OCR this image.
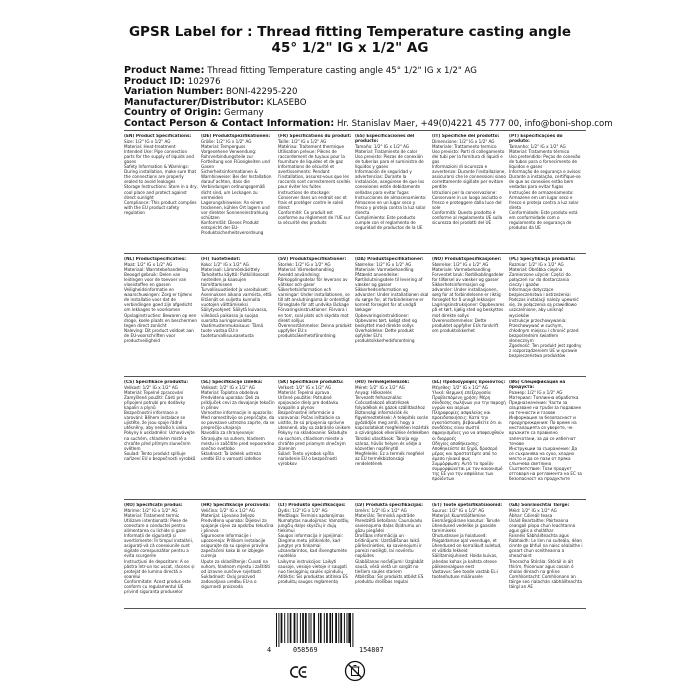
GPSR Label for : Thread fitting Temperature casting angle 45° 1/2" IG x 1/2" AG
Product Name: Thread fitting Temperature casting angle 45° 1/2" IG x 1/2" AG
Product ID: 102976
Variation Number: BONI-42295-220
Manufacturer/Distributor: KLASEBO
Country of Origin: Germany
Contact Person & Contact Information: Hr. Stanislav Maer, +49(0)4221 45 777 00, info@boni-shop.com
(EN) Product Specifications:
Size: 1/2" IG x 1/2" AG
Material: Heat-treatment
Intended Use: Pipe connection parts for the supply of liquids and gases
Safety Information & Warnings: During installation, make sure that the connections are properly sealed to avoid leakages
Storage Instructions: Store in a dry, cool place and protect against direct sunlight
Compliance: This product complies with the EU product safety regulation
(DE) Produktspezifikationen:
Größe: 1/2" IG x 1/2" AG
Material: Temperguss
Vorgesehene Verwendung: Rohrverbindungsteile zur Fortleitung von Flüssigkeiten und Gasen
Sicherheitsinformationen & Warnhinweise: Bei der Installation darauf achten, dass die Verbindungen ordnungsgemäß dicht sind, um Leckagen zu vermeiden
Lagerungshinweise: An einem trockenen, kühlen Ort lagern und vor direkter Sonneneinstrahlung schützen
Konformität: Dieses Produkt entspricht der EU-Produktsicherheitsverordnung
(FR) Spécifications du produit:
Taille: 1/2" IG x 1/2" AG
Matériau: Traitement thermique
Utilisation prévue: Pièces de raccordement de tuyaux pour la fourniture de liquides et de gaz
Informations de sécurité et avertissements: Pendant l'installation, assurez-vous que les raccords sont correctement scellés pour éviter les fuites
Instructions de stockage: Conserver dans un endroit sec et frais et protéger contre le soleil direct
Conformité: Ce produit est conforme au règlement de l'UE sur la sécurité des produits
(ES) Especificaciones del producto:
Tamaño: 1/2" IG x 1/2" AG
Material: Tratamiento de calor
Uso previsto: Piezas de conexión de tuberías para el suministro de líquidos y gases
Información de seguridad y advertencias: Durante la instalación, asegúrese de que las conexiones estén debidamente selladas para evitar fugas
Instrucciones de almacenamiento: Almacene en un lugar seco y fresco y proteja contra la luz solar directa
Cumplimiento: Este producto cumple con el reglamento de seguridad de productos de la UE
(IT) Specifiche del prodotto:
Dimensione: 1/2" IG x 1/2" AG
Materiale: Trattamento termico
Uso previsto: Parti di collegamento dei tubi per la fornitura di liquidi e gas
Informazioni di sicurezza e avvertenze: Durante l'installazione, assicurarsi che le connessioni siano correttamente sigillate per evitare perdite
Istruzioni per la conservazione: Conservare in un luogo asciutto e fresco e proteggere dalla luce del sole
Conformità: Questo prodotto è conforme al regolamento UE sulla sicurezza dei prodotti del UE
(PT) Especificações do produto:
Tamanho: 1/2" IG x 1/2" AG
Material: Tratamento térmico
Uso pretendido: Peças de conexão de tubos para o fornecimento de líquidos e gases
Informação de segurança e avisos: Durante a instalação, certifique-se de que as conexões estão bem vedadas para evitar fugas
Instruções de armazenamento: Armazene em um lugar seco e fresco e proteja contra a luz solar direta
Conformidade: Este produto está em conformidade com o regulamento de segurança de produtos da UE
(NL) Productspecificaties:
Maat: 1/2" IG x 1/2" AG
Materiaal: Warmtebehandeling
Beoogd gebruik: Delen van leidingen voor de toevoer van vloeistoffen en gassen
Veiligheidsinformatie en waarschuwingen: Zorg er tijdens de installatie voor dat de verbindingen goed zijn afgedicht om lekkages te voorkomen
Opslaginstructies: Bewaren op een droge, koele plaats en beschermen tegen direct zonlicht
Naleving: Dit product voldoet aan de EU-voorschriften voor productveiligheid
(FI) Tuotetiedot:
Koko: 1/2" IG x 1/2" AG
Materiaali: Lämmönkäsittely
Tarkoitettu käyttö: Putkiliitososat nesteiden ja kaasujen toimittamiseen
Turvallisuustiedot ja varoitukset: Asennuksen aikana varmista, että liitännät on suljettu kunnolla vuotojen välttämiseksi
Säilytysohjeet: Säilytä kuivassa, viileässä paikassa ja suojaa suoralta auringonvalolta
Vaatimustenmukaisuus: Tämä tuote vastaa EU:n tuoteturvallisuusasetusta
(SV) Produktspecifikationer:
Storlek: 1/2" IG x 1/2" AG
Material: Värmebehandling
Avsedd användning: Rörkopplingsdelar för leverans av vätskor och gaser
Säkerhetsinformation och varningar: Under installationen, se till att anslutningarna är ordentligt förseglade för att undvika läckage
Förvaringsinstruktioner: Förvara i en torr, sval plats och skydda mot direkt solljus
Överensstämmelse: Denna produkt uppfyller EU:s produktsäkerhetsförordning
(DA) Produktspecifikationer:
Størrelse: 1/2" IG x 1/2" AG
Materiale: Varmebehandling
Påtænkt anvendelse: Rørtilslutningsdele til levering af væsker og gasser
Sikkerhedsinformation og advarsler: Under installationen skal du sørge for, at forbindelserne er korrekt forseglet for at undgå lækager
Opbevaringsinstruktioner: Opbevares tørt, køligt sted og beskyttet mod direkte sollys
Overholdelse: Dette produkt opfylder EU's produktsikkerhedsforordning
(NO) Produktspesifikasjoner:
Størrelse: 1/2" IG x 1/2" AG
Materiale: Varmebehandling
Forventet bruk: Rørtilkoblingsdeler for tilførsel av væsker og gasser
Sikkerhetsinformasjon og advarsler: Under installasjonen, sørg for at forbindelsene er riktig forseglet for å unngå lekkasjer
Lagringsinstruksjoner: Oppbevares på et tørt, kjølig sted og beskyttes mot direkte sollys
Overensstemmelse: Dette produktet oppfyller EUs forskrift om produktsikkerhet
(PL) Specyfikacja produktu:
Rozmiar: 1/2" IG x 1/2" AG
Materiał: Obróbka cieplna
Zamierzone użycie: Części do połączeń rur do dostarczania cieczy i gazów
Informacje dotyczące bezpieczeństwa i ostrzeżenia: Podczas instalacji należy upewnić się, że połączenia są prawidłowo uszczelnione, aby uniknąć wycieków
Instrukcje przechowywania: Przechowywać w suchym, chłodnym miejscu i chronić przed bezpośrednim światłem słonecznym
Zgodność: Ten produkt jest zgodny z rozporządzeniem UE w sprawie bezpieczeństwa produktów
(CS) Specifikace produktu:
Velikost: 1/2" IG x 1/2" AG
Materiál: Tepelné zpracování
Zamýšlené použití: Části pro připojení potrubí pro dodávky kapalin a plynů
Bezpečnostní informace a varování: Během instalace se ujistěte, že jsou spoje řádně utěsněny, aby nedošlo k úniku
Pokyny k uskladnění: Uchovávejte na suchém, chladném místě a chraňte před přímým slunečním světlem
Soulad: Tento produkt splňuje nařízení EU o bezpečnosti výrobků
(SL) Specifikacije izdelka:
Velikost: 1/2" IG x 1/2" AG
Material: Toplotna obdelava
Predvidena uporaba: Deli za priključek cevi za dovajanje tekočin in plinov
Varnostne informacije in opozorila: Med namestitvijo se prepričajte, da so povezave ustrezno zaprte, da se preprečijo uhajanja
Navodila za shranjevanje: Shranjujte na suhem, hladnem mestu in zaščitite pred neposredno sončno svetlobo
Skladnost: Ta izdelek ustreza uredbi EU o varnosti izdelkov
(SK) Špecifikácie produktu:
Veľkosť: 1/2" IG x 1/2" AG
Materiál: Tepelná úprava
Určené použitie: Potrubné spojovacie diely pre dodávku kvapalín a plynov
Bezpečnostné informácie a varovania: Počas inštalácie sa uistite, že sú pripojenia správne utesnené, aby sa zabránilo únikom
Pokyny na skladovanie: Skladujte na suchom, chladnom mieste a chráňte pred priamym slnečným žiarením
Súlad: Tento výrobok spĺňa nariadenie EÚ o bezpečnosti výrobkov
(HU) Termékjellemzők:
Méret: 1/2" IG x 1/2" AG
Anyag: Hőkezelés
Tervezett felhasználás: Csőcsatlakozó alkatrészek folyadékok és gázok szállításához
Biztonsági információk és figyelmeztetések: A telepítés során győződjön meg arról, hogy a kapcsolatokat megfelelően lezárták a szivárgások elkerülése érdekében
Tárolási utasítások: Tárolja egy száraz, hűvös helyen és védje a közvetlen napfénytől
Megfelelés: Ez a termék megfelel az EU termékbiztonsági rendeletének
(EL) Προδιαγραφές προϊόντος:
Μέγεθος: 1/2" IG x 1/2" AG
Υλικό: Θερμική επεξεργασία
Προβλεπόμενη χρήση: Μέρη σύνδεσης σωλήνων για την παροχή υγρών και αερίων
Πληροφορίες ασφαλείας και προειδοποιήσεις: Κατά την εγκατάσταση, βεβαιωθείτε ότι οι συνδέσεις είναι σωστά σφραγισμένες για να αποφευχθούν οι διαρροές
Οδηγίες αποθήκευσης: Αποθηκεύστε σε ξηρό, δροσερό μέρος και προστατέψτε από το άμεσο ηλιακό φως
Συμμόρφωση: Αυτό το προϊόν συμμορφώνεται με τον κανονισμό της ΕΕ για την ασφάλεια των προϊόντων
(BG) Спецификация на продукта:
Размер: 1/2" IG x 1/2" AG
Материал: Топлинна обработка
Предназначение: Части за свързване на тръби за подаване на течности и газове
Информация за безопасност и предупреждения: По време на инсталацията се уверете, че връзките са правилно запечатани, за да се избегнат течове
Инструкции за съхранение: Да се съхранява на сухо, хладно място и да се пази от пряка слънчева светлина
Съответствие: Този продукт отговаря на регламента на ЕС за безопасност на продуктите
(RO) Specificații produs:
Mărime: 1/2" IG x 1/2" AG
Material: Tratament termic
Utilizare intenționată: Piese de conectare a conductei pentru alimentarea cu lichide și gaze
Informații de siguranță și avertismente: În timpul instalării, asigurați-vă că conexiunile sunt sigilate corespunzător pentru a evita scurgerile
Instrucțiuni de depozitare: A se păstra într-un loc uscat, răcoros și protejat de lumina directă a soarelui
Conformitate: Acest produs este conform cu regulamentul UE privind siguranța produselor
(HR) Specifikacije proizvoda:
Veličina: 1/2" IG x 1/2" AG
Materijal: Lijevano željezo
Predviđena uporaba: Dijelovi za spajanje cijevi za opskrbu tekućina i plinova
Sigurnosne informacije i upozorenja: Prilikom instalacije osigurajte da su spojevi pravilno zapečaćeni kako bi se izbjegle curenja
Upute za skladištenje: Čuvati na suhom, hladnom mjestu i zaštititi od izravne sunčeve svjetlosti
Sukladnost: Ovaj proizvod zadovoljava uredbu EU-a o sigurnosti proizvoda
(LT) Produkto specifikacijos:
Dydis: 1/2" IG x 1/2" AG
Medžiaga: Terminis apdorojimas
Numatytas naudojimas: Vamzdžių jungčių dalys skysčių ir dujų tiekimui
Saugos informacija ir įspėjimai: Diegimo metu įsitikinkite, kad jungtys yra tinkamai užsandarintos, kad išvengtumėte nuotėkio
Laikymo instrukcijos: Laikyti sausoje, vėsioje vietoje ir saugoti nuo tiesioginių saulės spindulių
Atitiktis: Šis produktas atitinka ES produktų saugos reglamentą
(LV) Produkta specifikācijas:
Izmērs: 1/2" IG x 1/2" AG
Materiāls: Termiskā apstrāde
Paredzētā lietošana: Cauruļvadu savienojuma daļas šķidrumu un gāzu piegādei
Drošības informācija un brīdinājumi: Uzstādīšanas laikā pārliecinieties, ka savienojumi ir pareizi noslēgti, lai novērstu noplūdes
Glabāšanas norādījumi: Uzglabāt sausā, vēsā vietā un sargāt no tiešiem saules stariem
Atbilstība: Šis produkts atbilst ES produktu drošības regulai
(ET) Toote spetsifikatsioonid:
Suurus: 1/2" IG x 1/2" AG
Materjal: Kuumtöötlemine
Eesmärgipärane kasutus: Torude ühendused vedelike ja gaaside tarnimiseks
Ohutusteave ja hoiatused: Paigaldamise ajal veenduge, et ühendused on korralikult suletud, et vältida lekkeid
Säilitamisjuhised: Hoida kuivas, jahedas kohas ja kaitsta otsese päikesevalguse eest
Vastavus: See toode vastab EL-i tooteohutuse määrusele
(GA) Sonraíochtaí Táirge:
Méid: 1/2" IG x 1/2" AG
Ábhar: Cóireáil teasa
Úsáid Beartaithe: Páirteanna ceangail píopa chun leachtanna agus gáis a sholáthar
Faisnéis Sábháilteachta agus Rabhaidh: Le linn na suiteála, déan cinnte go bhfuil na naisc séalaithe i gceart chun sceitheanna a sheachaint
Treoracha Stórála: Stóráil in áit thirim, fhionnuar agus cosain ó sholas díreach na gréine
Comhlíontacht: Comhlíonann an táirge seo rialachán sábháilteachta táirgí an AE
4	058569	154807
